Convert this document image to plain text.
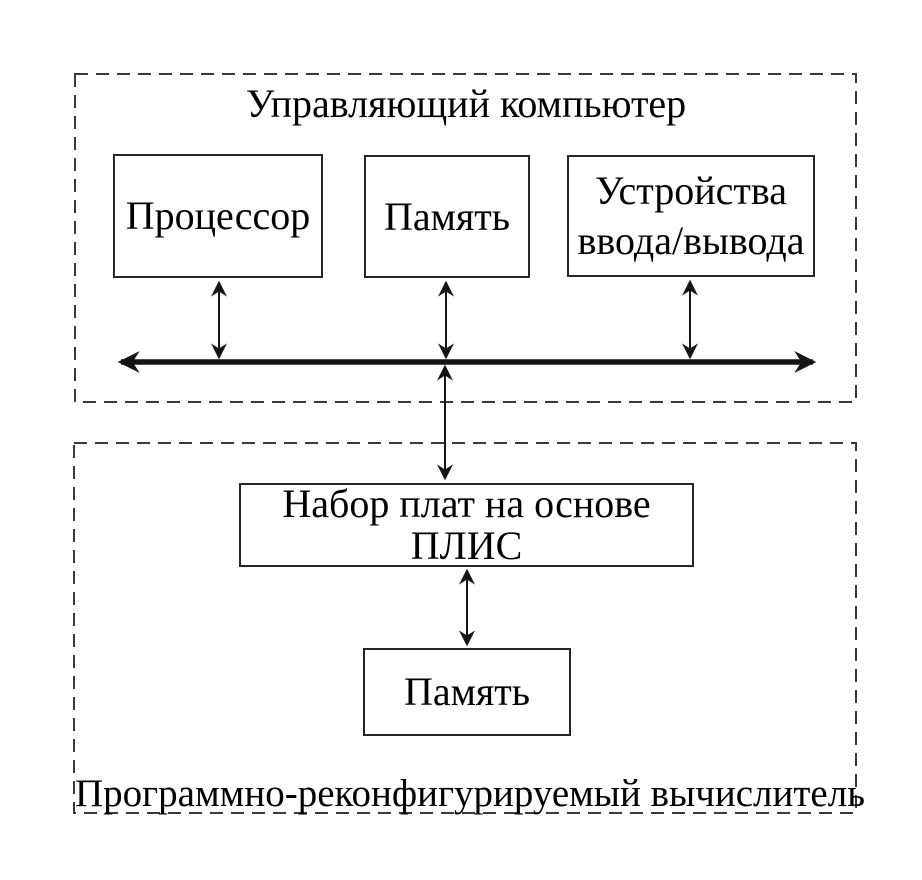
Управляющий компьютер
Процессор Память
Устройства
ввода/вывода
Набор плат на основе
ПЛИС
Память
Программно-реконфигурируемый вычислитель
